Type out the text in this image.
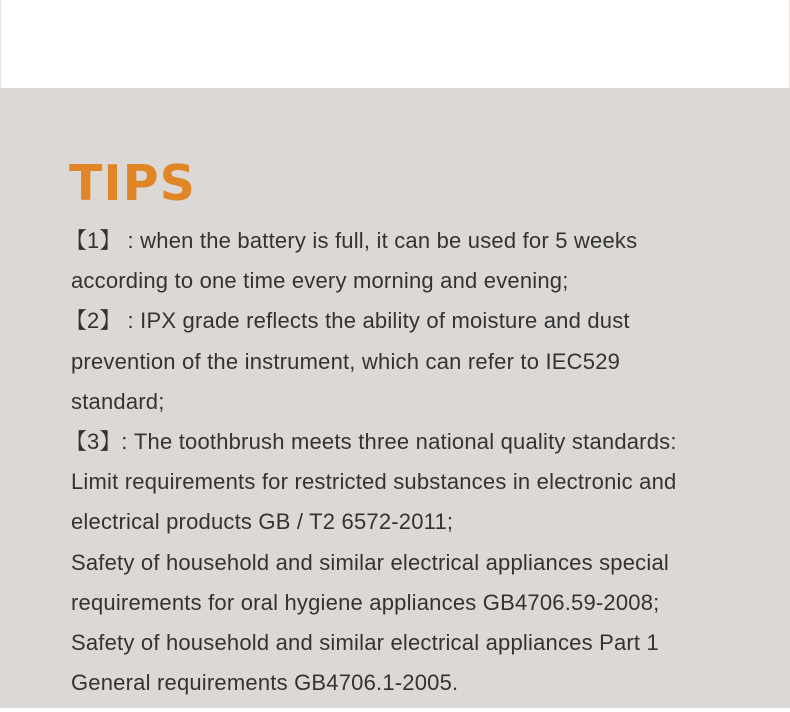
TIPS
【1】 : when the battery is full, it can be used for 5 weeks
according to one time every morning and evening;
【2】 : IPX grade reflects the ability of moisture and dust
prevention of the instrument, which can refer to IEC529
standard;
【3】: The toothbrush meets three national quality standards:
Limit requirements for restricted substances in electronic and
electrical products GB / T2 6572-2011;
Safety of household and similar electrical appliances special
requirements for oral hygiene appliances GB4706.59-2008;
Safety of household and similar electrical appliances Part 1
General requirements GB4706.1-2005.
